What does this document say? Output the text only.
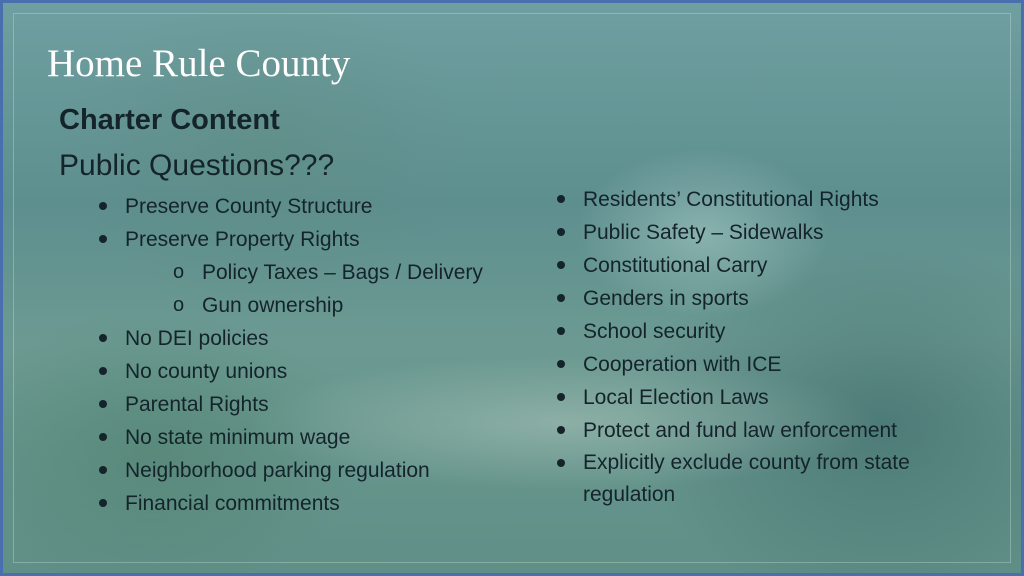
Home Rule County
Charter Content
Public Questions???
Preserve County Structure
Preserve Property Rights
o Policy Taxes – Bags / Delivery
o Gun ownership
No DEI policies
No county unions
Parental Rights
No state minimum wage
Neighborhood parking regulation
Financial commitments
Residents’ Constitutional Rights
Public Safety – Sidewalks
Constitutional Carry
Genders in sports
School security
Cooperation with ICE
Local Election Laws
Protect and fund law enforcement
Explicitly exclude county from state regulation
